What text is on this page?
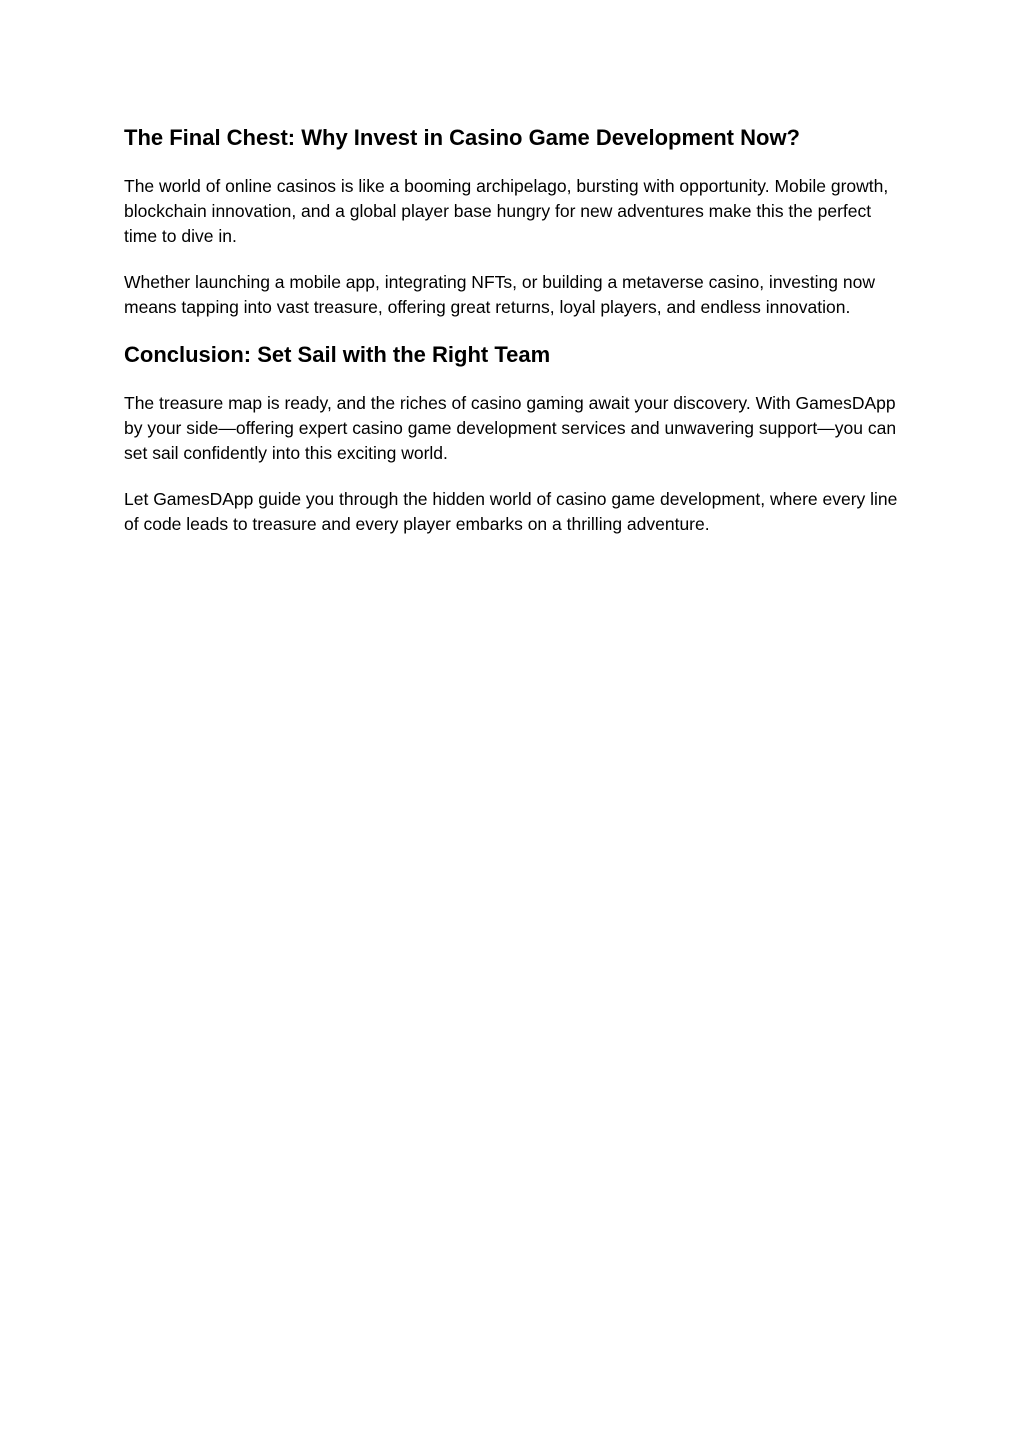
The Final Chest: Why Invest in Casino Game Development Now?

The world of online casinos is like a booming archipelago, bursting with opportunity. Mobile growth, blockchain innovation, and a global player base hungry for new adventures make this the perfect time to dive in.

Whether launching a mobile app, integrating NFTs, or building a metaverse casino, investing now means tapping into vast treasure, offering great returns, loyal players, and endless innovation.

Conclusion: Set Sail with the Right Team

The treasure map is ready, and the riches of casino gaming await your discovery. With GamesDApp by your side—offering expert casino game development services and unwavering support—you can set sail confidently into this exciting world.

Let GamesDApp guide you through the hidden world of casino game development, where every line of code leads to treasure and every player embarks on a thrilling adventure.
